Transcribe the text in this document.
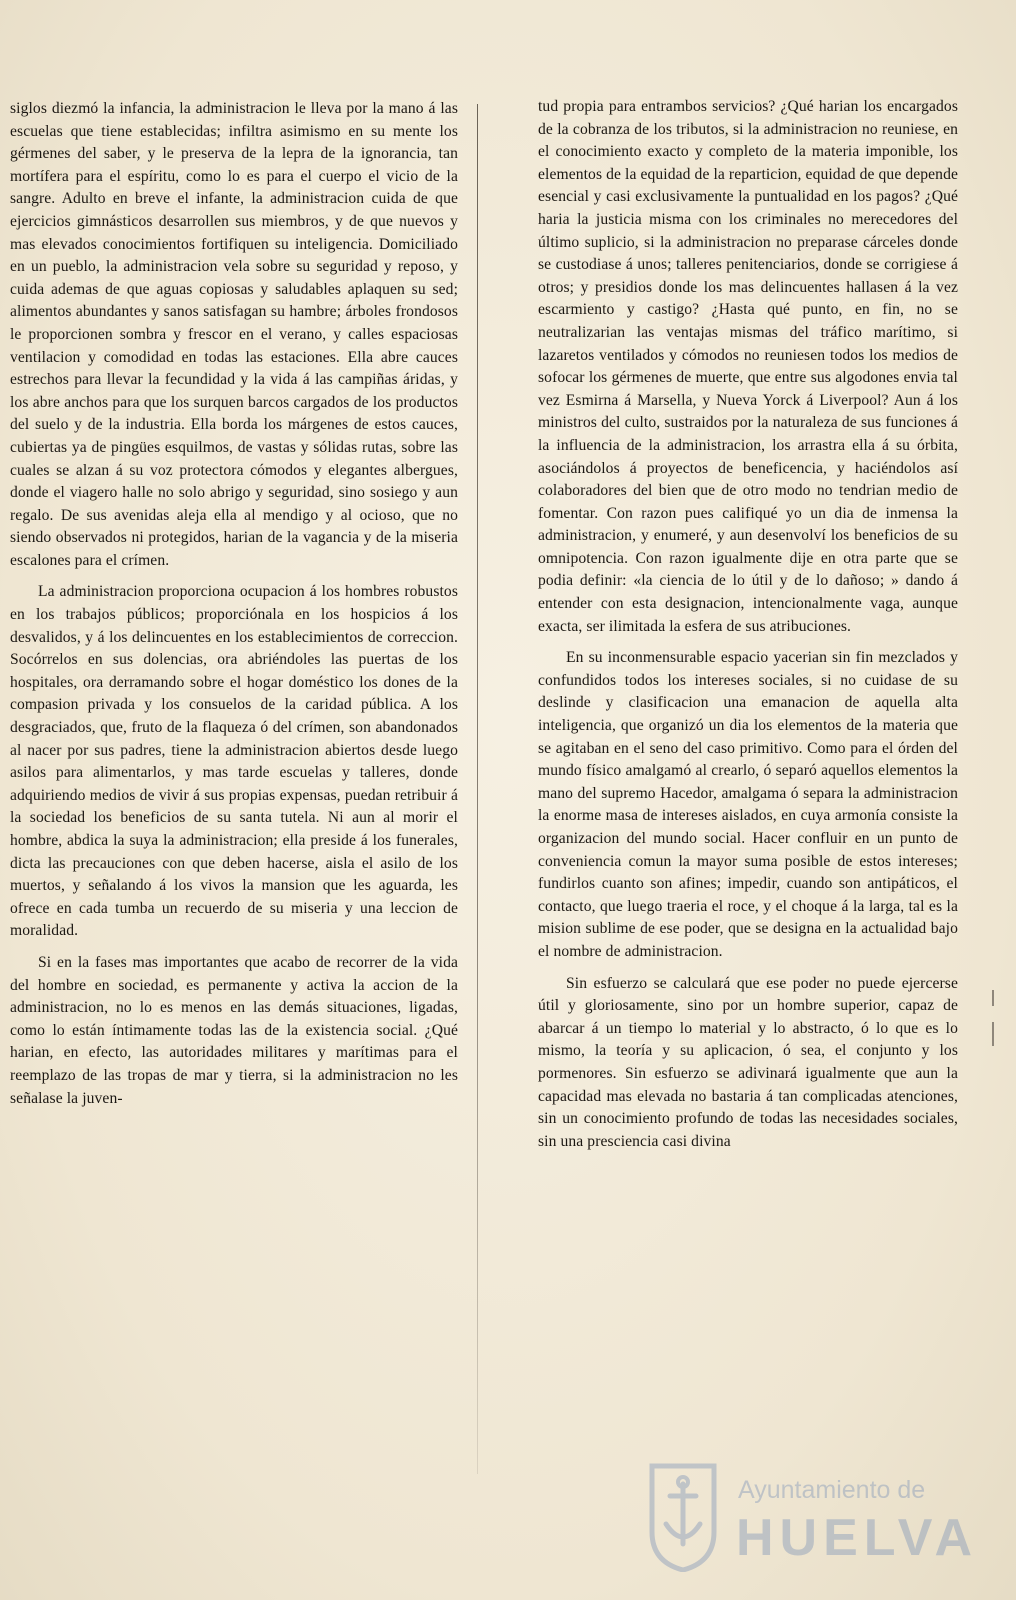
siglos diezmó la infancia, la administracion le lleva por la mano á las escuelas que tiene establecidas; infiltra asimismo en su mente los gérmenes del saber, y le preserva de la lepra de la ignorancia, tan mortífera para el espíritu, como lo es para el cuerpo el vicio de la sangre. Adulto en breve el infante, la administracion cuida de que ejercicios gimnásticos desarrollen sus miembros, y de que nuevos y mas elevados conocimientos fortifiquen su inteligencia. Domiciliado en un pueblo, la administracion vela sobre su seguridad y reposo, y cuida ademas de que aguas copiosas y saludables aplaquen su sed; alimentos abundantes y sanos satisfagan su hambre; árboles frondosos le proporcionen sombra y frescor en el verano, y calles espaciosas ventilacion y comodidad en todas las estaciones. Ella abre cauces estrechos para llevar la fecundidad y la vida á las campiñas áridas, y los abre anchos para que los surquen barcos cargados de los productos del suelo y de la industria. Ella borda los márgenes de estos cauces, cubiertas ya de pingües esquilmos, de vastas y sólidas rutas, sobre las cuales se alzan á su voz protectora cómodos y elegantes albergues, donde el viagero halle no solo abrigo y seguridad, sino sosiego y aun regalo. De sus avenidas aleja ella al mendigo y al ocioso, que no siendo observados ni protegidos, harian de la vagancia y de la miseria escalones para el crímen.

La administracion proporciona ocupacion á los hombres robustos en los trabajos públicos; proporciónala en los hospicios á los desvalidos, y á los delincuentes en los establecimientos de correccion. Socórrelos en sus dolencias, ora abriéndoles las puertas de los hospitales, ora derramando sobre el hogar doméstico los dones de la compasion privada y los consuelos de la caridad pública. A los desgraciados, que, fruto de la flaqueza ó del crímen, son abandonados al nacer por sus padres, tiene la administracion abiertos desde luego asilos para alimentarlos, y mas tarde escuelas y talleres, donde adquiriendo medios de vivir á sus propias expensas, puedan retribuir á la sociedad los beneficios de su santa tutela. Ni aun al morir el hombre, abdica la suya la administracion; ella preside á los funerales, dicta las precauciones con que deben hacerse, aisla el asilo de los muertos, y señalando á los vivos la mansion que les aguarda, les ofrece en cada tumba un recuerdo de su miseria y una leccion de moralidad.

Si en la fases mas importantes que acabo de recorrer de la vida del hombre en sociedad, es permanente y activa la accion de la administracion, no lo es menos en las demás situaciones, ligadas, como lo están íntimamente todas las de la existencia social. ¿Qué harian, en efecto, las autoridades militares y marítimas para el reemplazo de las tropas de mar y tierra, si la administracion no les señalase la juven-

tud propia para entrambos servicios? ¿Qué harian los encargados de la cobranza de los tributos, si la administracion no reuniese, en el conocimiento exacto y completo de la materia imponible, los elementos de la equidad de la reparticion, equidad de que depende esencial y casi exclusivamente la puntualidad en los pagos? ¿Qué haria la justicia misma con los criminales no merecedores del último suplicio, si la administracion no preparase cárceles donde se custodiase á unos; talleres penitenciarios, donde se corrigiese á otros; y presidios donde los mas delincuentes hallasen á la vez escarmiento y castigo? ¿Hasta qué punto, en fin, no se neutralizarian las ventajas mismas del tráfico marítimo, si lazaretos ventilados y cómodos no reuniesen todos los medios de sofocar los gérmenes de muerte, que entre sus algodones envia tal vez Esmirna á Marsella, y Nueva Yorck á Liverpool? Aun á los ministros del culto, sustraidos por la naturaleza de sus funciones á la influencia de la administracion, los arrastra ella á su órbita, asociándolos á proyectos de beneficencia, y haciéndolos así colaboradores del bien que de otro modo no tendrian medio de fomentar. Con razon pues califiqué yo un dia de inmensa la administracion, y enumeré, y aun desenvolví los beneficios de su omnipotencia. Con razon igualmente dije en otra parte que se podia definir: «la ciencia de lo útil y de lo dañoso; » dando á entender con esta designacion, intencionalmente vaga, aunque exacta, ser ilimitada la esfera de sus atribuciones.

En su inconmensurable espacio yacerian sin fin mezclados y confundidos todos los intereses sociales, si no cuidase de su deslinde y clasificacion una emanacion de aquella alta inteligencia, que organizó un dia los elementos de la materia que se agitaban en el seno del caso primitivo. Como para el órden del mundo físico amalgamó al crearlo, ó separó aquellos elementos la mano del supremo Hacedor, amalgama ó separa la administracion la enorme masa de intereses aislados, en cuya armonía consiste la organizacion del mundo social. Hacer confluir en un punto de conveniencia comun la mayor suma posible de estos intereses; fundirlos cuanto son afines; impedir, cuando son antipáticos, el contacto, que luego traeria el roce, y el choque á la larga, tal es la mision sublime de ese poder, que se designa en la actualidad bajo el nombre de administracion.

Sin esfuerzo se calculará que ese poder no puede ejercerse útil y gloriosamente, sino por un hombre superior, capaz de abarcar á un tiempo lo material y lo abstracto, ó lo que es lo mismo, la teoría y su aplicacion, ó sea, el conjunto y los pormenores. Sin esfuerzo se adivinará igualmente que aun la capacidad mas elevada no bastaria á tan complicadas atenciones, sin un conocimiento profundo de todas las necesidades sociales, sin una presciencia casi divina

Ayuntamiento de
HUELVA
